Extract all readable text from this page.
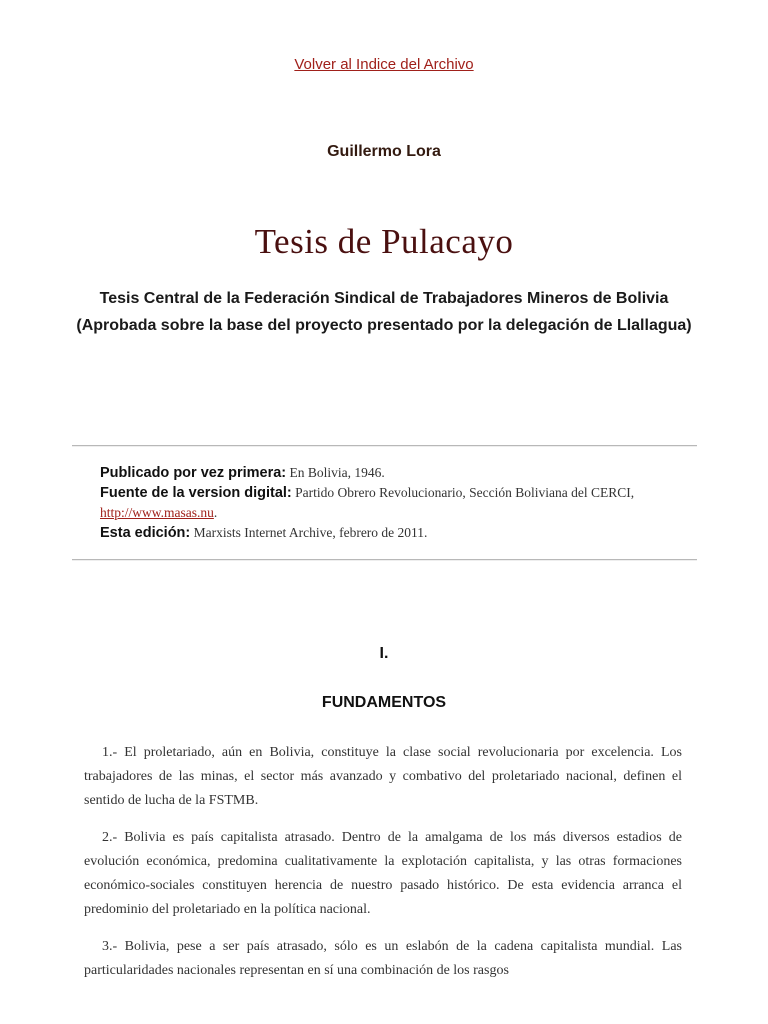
Volver al Indice del Archivo
Guillermo Lora
Tesis de Pulacayo
Tesis Central de la Federación Sindical de Trabajadores Mineros de Bolivia
(Aprobada sobre la base del proyecto presentado por la delegación de Llallagua)
Publicado por vez primera: En Bolivia, 1946.
Fuente de la version digital: Partido Obrero Revolucionario, Sección Boliviana del CERCI, http://www.masas.nu.
Esta edición: Marxists Internet Archive, febrero de 2011.
I.
FUNDAMENTOS

1.- El proletariado, aún en Bolivia, constituye la clase social revolucionaria por excelencia. Los trabajadores de las minas, el sector más avanzado y combativo del proletariado nacional, definen el sentido de lucha de la FSTMB.

2.- Bolivia es país capitalista atrasado. Dentro de la amalgama de los más diversos estadios de evolución económica, predomina cualitativamente la explotación capitalista, y las otras formaciones económico-sociales constituyen herencia de nuestro pasado histórico. De esta evidencia arranca el predominio del proletariado en la política nacional.

3.- Bolivia, pese a ser país atrasado, sólo es un eslabón de la cadena capitalista mundial. Las particularidades nacionales representan en sí una combinación de los rasgos
